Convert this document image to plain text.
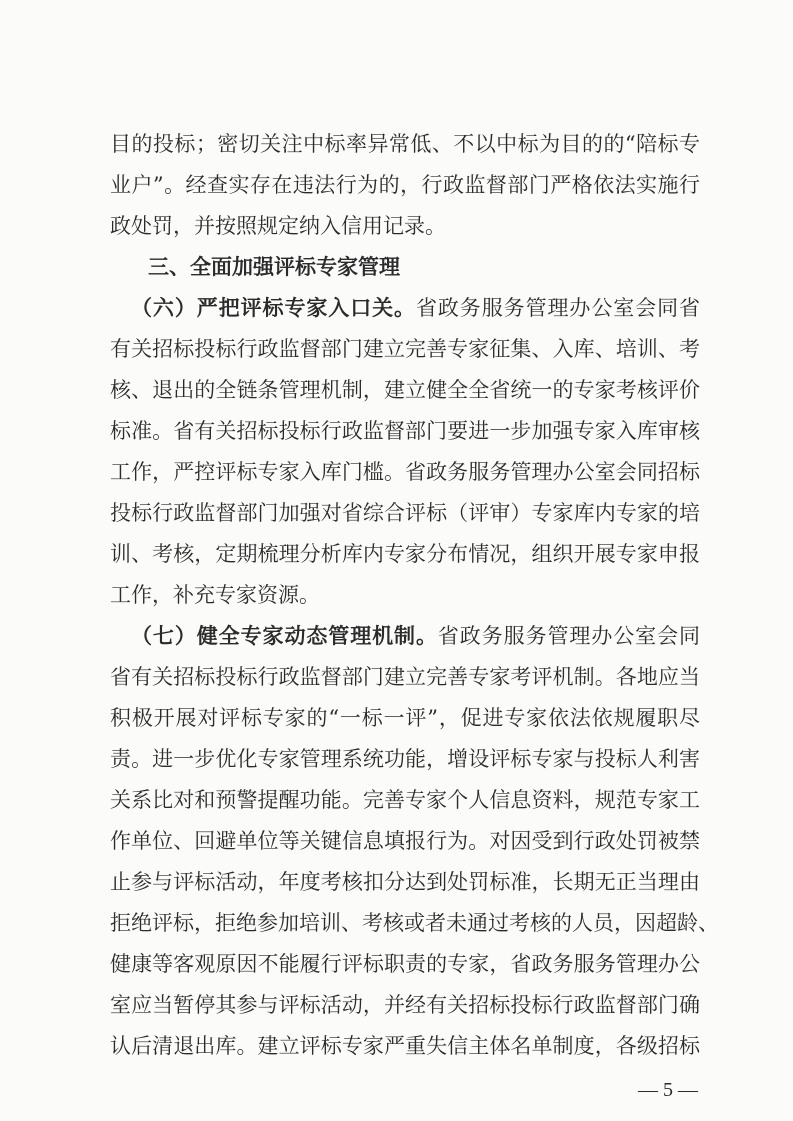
目的投标；密切关注中标率异常低、不以中标为目的的“陪标专
业户”。经查实存在违法行为的，行政监督部门严格依法实施行
政处罚，并按照规定纳入信用记录。
三、全面加强评标专家管理
（六）严把评标专家入口关。省政务服务管理办公室会同省
有关招标投标行政监督部门建立完善专家征集、入库、培训、考
核、退出的全链条管理机制，建立健全全省统一的专家考核评价
标准。省有关招标投标行政监督部门要进一步加强专家入库审核
工作，严控评标专家入库门槛。省政务服务管理办公室会同招标
投标行政监督部门加强对省综合评标（评审）专家库内专家的培
训、考核，定期梳理分析库内专家分布情况，组织开展专家申报
工作，补充专家资源。
（七）健全专家动态管理机制。省政务服务管理办公室会同
省有关招标投标行政监督部门建立完善专家考评机制。各地应当
积极开展对评标专家的“一标一评”，促进专家依法依规履职尽
责。进一步优化专家管理系统功能，增设评标专家与投标人利害
关系比对和预警提醒功能。完善专家个人信息资料，规范专家工
作单位、回避单位等关键信息填报行为。对因受到行政处罚被禁
止参与评标活动，年度考核扣分达到处罚标准，长期无正当理由
拒绝评标，拒绝参加培训、考核或者未通过考核的人员，因超龄、
健康等客观原因不能履行评标职责的专家，省政务服务管理办公
室应当暂停其参与评标活动，并经有关招标投标行政监督部门确
认后清退出库。建立评标专家严重失信主体名单制度，各级招标
— 5 —
